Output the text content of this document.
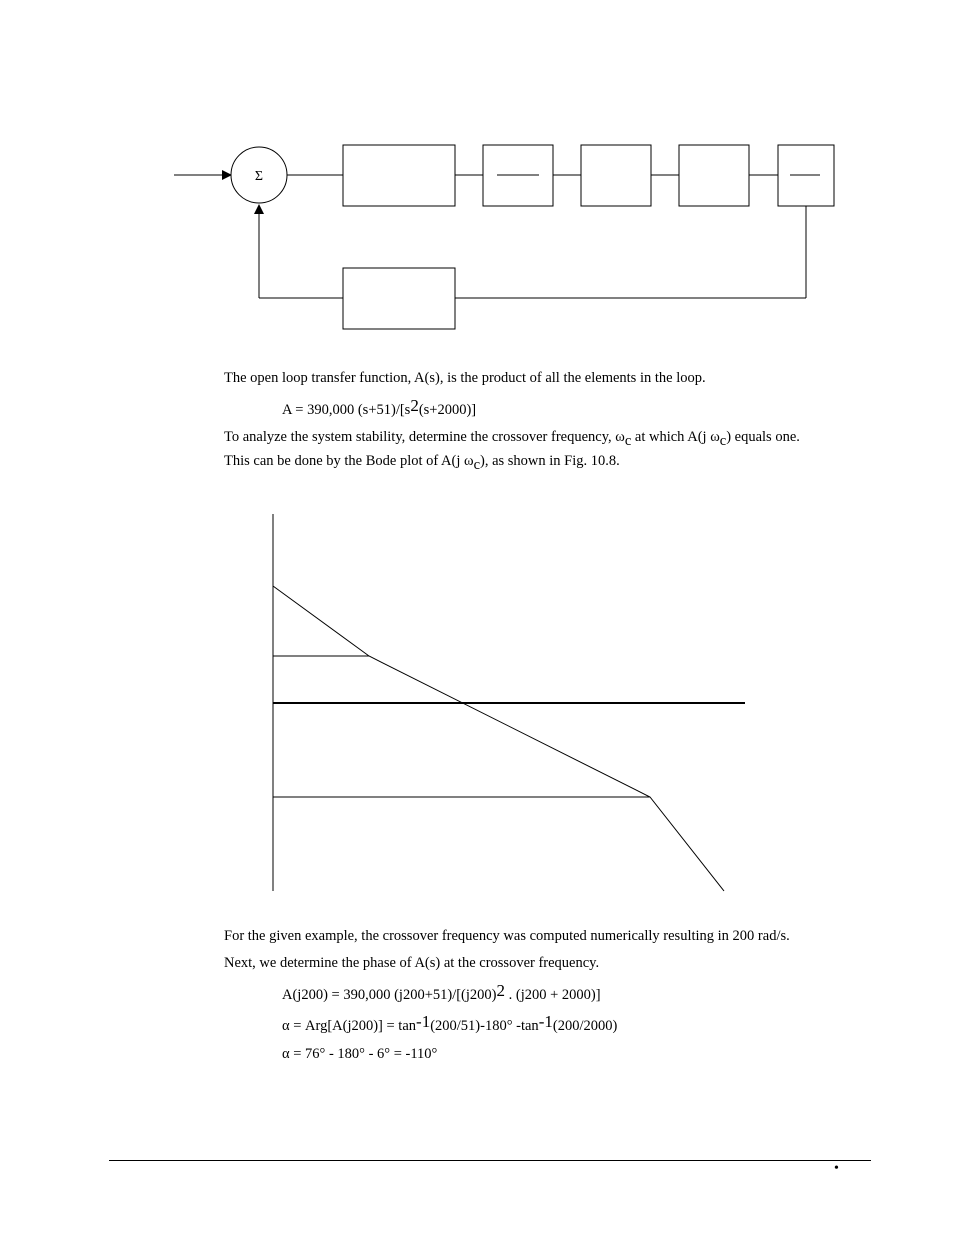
Σ
The open loop transfer function, A(s), is the product of all the elements in the loop.
A = 390,000 (s+51)/[s2(s+2000)]
To analyze the system stability, determine the crossover frequency, ωc at which A(j ωc) equals one.
This can be done by the Bode plot of A(j ωc), as shown in Fig. 10.8.
For the given example, the crossover frequency was computed numerically resulting in 200 rad/s.
Next, we determine the phase of A(s) at the crossover frequency.
A(j200) = 390,000 (j200+51)/[(j200)2 . (j200 + 2000)]
α = Arg[A(j200)] = tan-1(200/51)-180° -tan-1(200/2000)
α = 76° - 180° - 6° = -110°
•
